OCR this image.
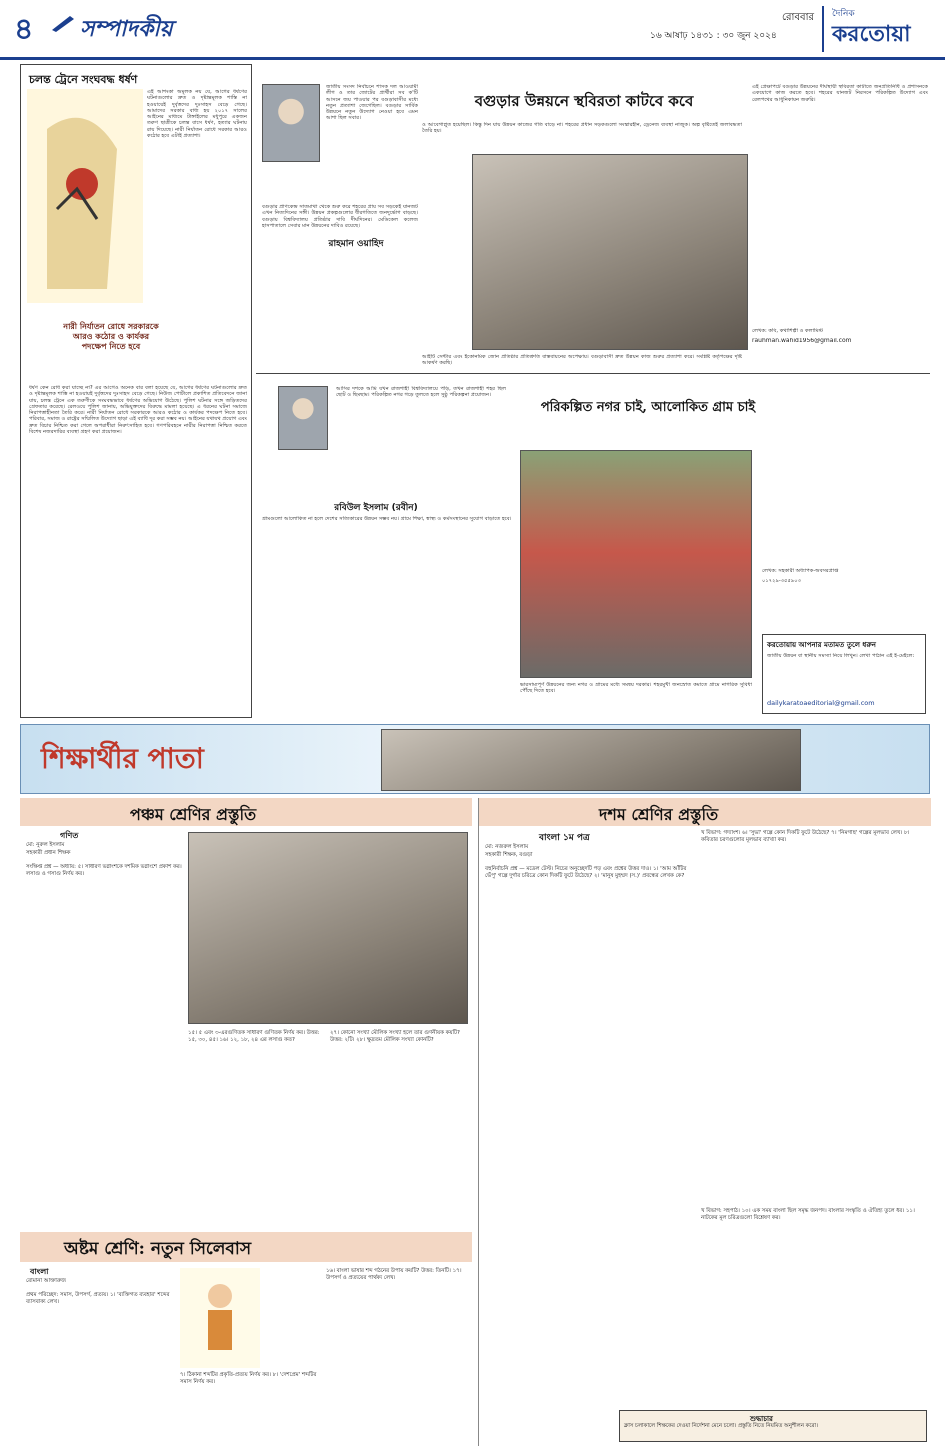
৪ সম্পাদকীয়	রোববার
১৬ আষাঢ় ১৪৩১ : ৩০ জুন ২০২৪
দৈনিক
করতোয়া
চলন্ত ট্রেনে সংঘবদ্ধ ধর্ষণ
এই আশংকা অমূলক নয় যে, আগের ধর্ষণের ঘটনাগুলোর দ্রুত ও দৃষ্টান্তমূলক শাস্তি না হওয়ায়েই দুর্বৃত্তদের দুঃসাহস বেড়ে গেছে। আমাদের সরকার বাধ্য হয় ২০১৭ সালের আইনের মাধ্যমে টাঙ্গাইলের মধুপুরে একজন তরুণ ছাত্রীকে চলন্ত বাসে ধর্ষণ, হত্যার ঘটনায় রায় দিয়েছে। নারী নির্যাতন রোধে সরকার আরও কঠোর হবে এটাই প্রত্যাশা।
নারী নির্যাতন রোধে সরকারকে আরও কঠোর ও কার্যকর পদক্ষেপ নিতে হবে
ধর্ষণ কেন রোধ করা যাচ্ছে না? এর আগেও অনেক বার বলা হয়েছে যে, আগের ধর্ষণের ঘটনাগুলোর দ্রুত ও দৃষ্টান্তমূলক শাস্তি না হওয়ায়ই দুর্বৃত্তদের দুঃসাহস বেড়ে গেছে। নিউজ পোর্টালে প্রকাশিত প্রতিবেদনে জানা যায়, চলন্ত ট্রেনে এক তরুণীকে সংঘবদ্ধভাবে ধর্ষণের অভিযোগ উঠেছে। পুলিশ ঘটনার সঙ্গে জড়িতদের গ্রেফতার করেছে। রেলওয়ে পুলিশ জানায়, অভিযুক্তদের বিরুদ্ধে মামলা হয়েছে। এ ধরনের ঘটনা সমাজে নিরাপত্তাহীনতা তৈরি করে। নারী নির্যাতন রোধে সরকারকে আরও কঠোর ও কার্যকর পদক্ষেপ নিতে হবে। পরিবার, সমাজ ও রাষ্ট্রের সম্মিলিত উদ্যোগ ছাড়া এই ব্যাধি দূর করা সম্ভব নয়। আইনের যথাযথ প্রয়োগ এবং দ্রুত বিচার নিশ্চিত করা গেলে অপরাধীরা নিরুৎসাহিত হবে। গণপরিবহনে নারীর নিরাপত্তা নিশ্চিত করতে বিশেষ নজরদারির ব্যবস্থা গ্রহণ করা প্রয়োজন।
জাতীয় সংসদ নির্বাচনে শাসক দল আওয়ামী লীগ ও তার জোটের প্রার্থীরা সব ক'টি আসনে জয় পাওয়ার পর বগুড়াবাসীর মধ্যে নতুন প্রত্যাশা জেগেছিল। বগুড়ার সার্বিক উন্নয়নে নতুন উদ্যোগ নেওয়া হবে এমন আশা ছিল সবার।
বগুড়ার প্রাণকেন্দ্র সাতমাথা থেকে শুরু করে শহরের প্রায় সব সড়কেই যানজট এখন নিত্যদিনের সঙ্গী। উন্নয়ন প্রকল্পগুলোর ধীরগতিতে জনদুর্ভোগ বাড়ছে। বগুড়ায় বিশ্ববিদ্যালয় প্রতিষ্ঠার দাবি দীর্ঘদিনের। মেডিকেল কলেজ হাসপাতালে সেবার মান উন্নয়নের দাবিও রয়েছে।
রাহমান ওয়াহিদ
বগুড়ার উন্নয়নে স্থবিরতা কাটবে কবে
ও আবেগাপ্লুত হয়েছিল। কিন্তু দিন যায় উন্নয়ন কাজের গতি বাড়ে না। শহরের প্রধান সড়কগুলো সংস্কারহীন, ড্রেনেজ ব্যবস্থা নাজুক। অল্প বৃষ্টিতেই জলাবদ্ধতা তৈরি হয়।
আইটি সেন্টার এবং ইকোনমিক জোন প্রতিষ্ঠার প্রতিশ্রুতি বাস্তবায়নের অপেক্ষায়। বগুড়াবাসী দ্রুত উন্নয়ন কাজ শুরুর প্রত্যাশা করে। সংশ্লিষ্ট কর্তৃপক্ষের দৃষ্টি আকর্ষণ করছি।
এই প্রেক্ষাপটে বগুড়ার উন্নয়নের দীর্ঘস্থায়ী স্থবিরতা কাটাতে জনপ্রতিনিধি ও প্রশাসনকে একযোগে কাজ করতে হবে। শহরের যানজট নিরসনে পরিকল্পিত উদ্যোগ এবং রেলপথের আধুনিকায়ন জরুরি।
লেখক: কবি, কথাশিল্পী ও কলামিস্ট
rauhman.wahid1956@gmail.com
আসির দশকে আমি যখন রাজশাহী বিশ্ববিদ্যালয়ে পড়ি, তখন রাজশাহী শহর ছিল ছোট ও ছিমছাম। পরিকল্পিত নগর গড়ে তুলতে হলে সুষ্ঠু পরিকল্পনা প্রয়োজন।
রবিউল ইসলাম (রবীন)
গ্রামগুলো আলোকিত না হলে দেশের সত্যিকারের উন্নয়ন সম্ভব নয়। গ্রামে শিক্ষা, স্বাস্থ্য ও কর্মসংস্থানের সুযোগ বাড়াতে হবে।
পরিকল্পিত নগর চাই, আলোকিত গ্রাম চাই
ভারসাম্যপূর্ণ উন্নয়নের জন্য নগর ও গ্রামের মধ্যে সমন্বয় দরকার। শহরমুখী জনস্রোত কমাতে গ্রামে নাগরিক সুবিধা পৌঁছে দিতে হবে।
লেখক: সহকারী অধ্যাপক-অবসরপ্রাপ্ত
০১৭২৯-৩৫৫৯০৩
করতোয়ায় আপনার মতামত তুলে ধরুন
জাতীয় উন্নয়ন বা স্থানীয় সমস্যা নিয়ে লিখুন। লেখা পাঠান এই ই-মেইলে:
dailykaratoaeditorial@gmail.com
শিক্ষার্থীর পাতা
পঞ্চম শ্রেণির প্রস্তুতি
গণিত
মো: নুরুল ইসলাম
সহকারী প্রধান শিক্ষক
সংক্ষিপ্ত প্রশ্ন — অধ্যায়: ৫। সাধারণ ভগ্নাংশকে দশমিক ভগ্নাংশে প্রকাশ কর। লসাগু ও গসাগু নির্ণয় কর।
১৫। ৫ এবং ৩-এরগুণিতক সাধারণ গুণিতক নির্ণয় কর। উত্তর: ১৫, ৩০, ৪৫। ১৬। ১২, ১৮, ২৪ এর লসাগু কত?
২৭। কোনো সংখ্যা মৌলিক সংখ্যা হলে তার গুণনীয়ক কয়টি? উত্তর: ২টি। ২৮। ক্ষুদ্রতম মৌলিক সংখ্যা কোনটি?
অষ্টম শ্রেণি: নতুন সিলেবাস
বাংলা
রোমানা আক্তারুজ
প্রথম পরিচ্ছেদ: সমাস, উপসর্গ, প্রত্যয়। ১। 'ব্যক্তিগত ব্যবহার' শব্দের ব্যাসবাক্য লেখ।
৭। ঠিকানা শব্দটির প্রকৃতি-প্রত্যয় নির্ণয় কর। ৮। 'দেশপ্রেম' শব্দটির সমাস নির্ণয় কর।
১৬। বাংলা ভাষার শব্দ গঠনের উপায় কয়টি? উত্তর: তিনটি। ১৭। উপসর্গ ও প্রত্যয়ের পার্থক্য লেখ।
দশম শ্রেণির প্রস্তুতি
বাংলা ১ম পত্র
মো: নজরুল ইসলাম
সহকারী শিক্ষক, বগুড়া
বহুনির্বাচনি প্রশ্ন — মডেল টেস্ট। নিচের অনুচ্ছেদটি পড় এবং প্রশ্নের উত্তর দাও। ১। 'আম আঁটির ভেঁপু' গল্পে দুর্গার চরিত্রে কোন দিকটি ফুটে উঠেছে? ২। 'মানুষ মুহম্মদ (স.)' প্রবন্ধের লেখক কে?
খ বিভাগ: গদ্যাংশ। ৬। 'সুভা' গল্পে কোন দিকটি ফুটে উঠেছে? ৭। 'নিমগাছ' গল্পের মূলভাব লেখ। ৮। কবিতার চরণগুলোর মূলভাব ব্যাখ্যা কর।
খ বিভাগ: সহপাঠ। ১০। এক সময় বাংলা ছিল সমৃদ্ধ জনপদ। বাংলার সংস্কৃতি ও ঐতিহ্য তুলে ধর। ১১। নাটকের মূল চরিত্রগুলো বিশ্লেষণ কর।
শুদ্ধাচার
ক্লাস চলাকালে শিক্ষকের দেওয়া নির্দেশনা মেনে চলো। প্রস্তুতি নিতে নিয়মিত অনুশীলন করো।
